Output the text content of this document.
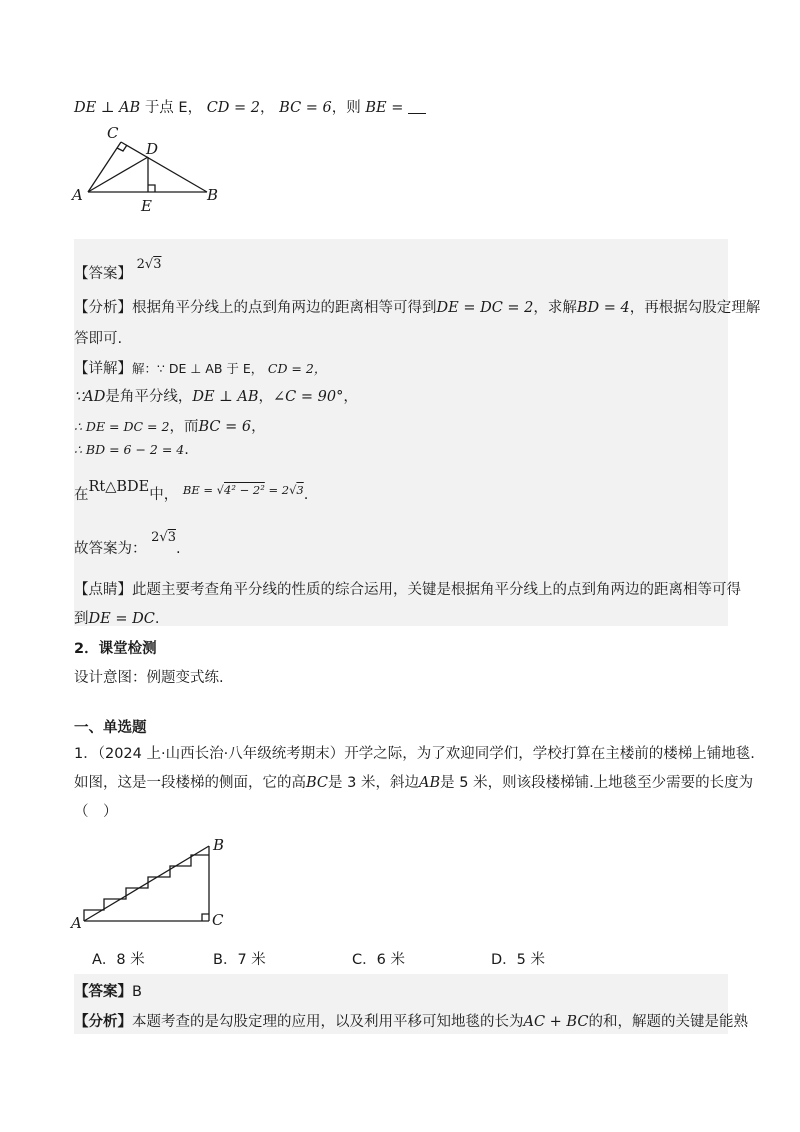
DE ⊥ AB 于点 E， CD = 2， BC = 6，则 BE =
C
D
A
E
B
【答案】 2√3
【分析】根据角平分线上的点到角两边的距离相等可得到DE = DC = 2，求解BD = 4，再根据勾股定理解
答即可.
【详解】解：∵ DE ⊥ AB 于 E， CD = 2，
∵AD是角平分线，DE ⊥ AB，∠C = 90°，
∴ DE = DC = 2，而BC = 6，
∴ BD = 6 − 2 = 4.
在Rt△BDE中， $^{BE = √4^2 - 2^2 = 2√3}$.
故答案为： 2√3.
【点睛】此题主要考查角平分线的性质的综合运用，关键是根据角平分线上的点到角两边的距离相等可得
到DE = DC.
2．课堂检测
设计意图：例题变式练.
一、单选题
1．（2024 上·山西长治·八年级统考期末）开学之际，为了欢迎同学们，学校打算在主楼前的楼梯上铺地毯.
如图，这是一段楼梯的侧面，它的高BC是 3 米，斜边AB是 5 米，则该段楼梯铺.上地毯至少需要的长度为
（　）
B
C
A
A．8 米	B．7 米	C．6 米	D．5 米
【答案】B
【分析】本题考查的是勾股定理的应用，以及利用平移可知地毯的长为AC + BC的和，解题的关键是能熟
